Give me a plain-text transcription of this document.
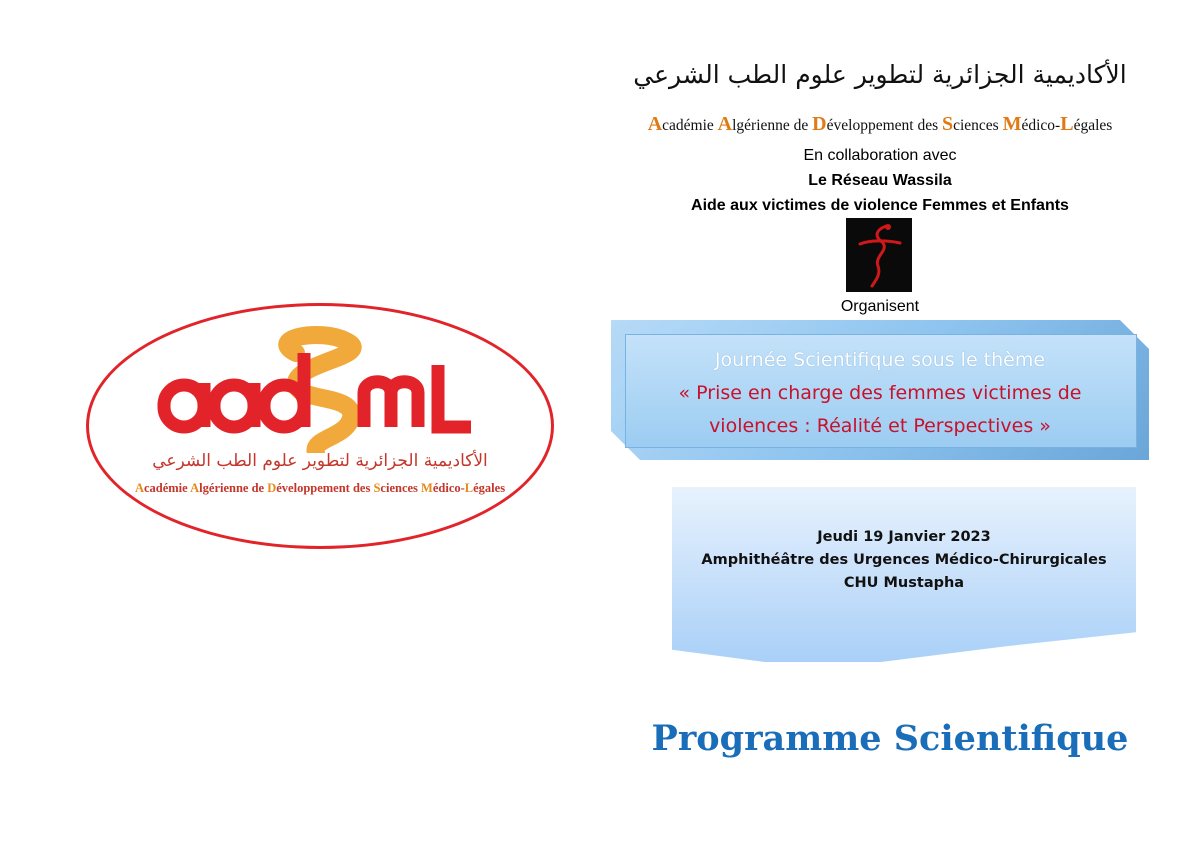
الأكاديمية الجزائرية لتطوير علوم الطب الشرعي
Académie Algérienne de Développement des Sciences Médico-Légales
الأكاديمية الجزائرية لتطوير علوم الطب الشرعي
Académie Algérienne de Développement des Sciences Médico-Légales
En collaboration avec
Le Réseau Wassila
Aide aux victimes de violence Femmes et Enfants
Organisent
Journée Scientifique sous le thème
« Prise en charge des femmes victimes de
violences : Réalité et Perspectives »
Jeudi 19 Janvier 2023
Amphithéâtre des Urgences Médico-Chirurgicales
CHU Mustapha
Programme Scientifique
